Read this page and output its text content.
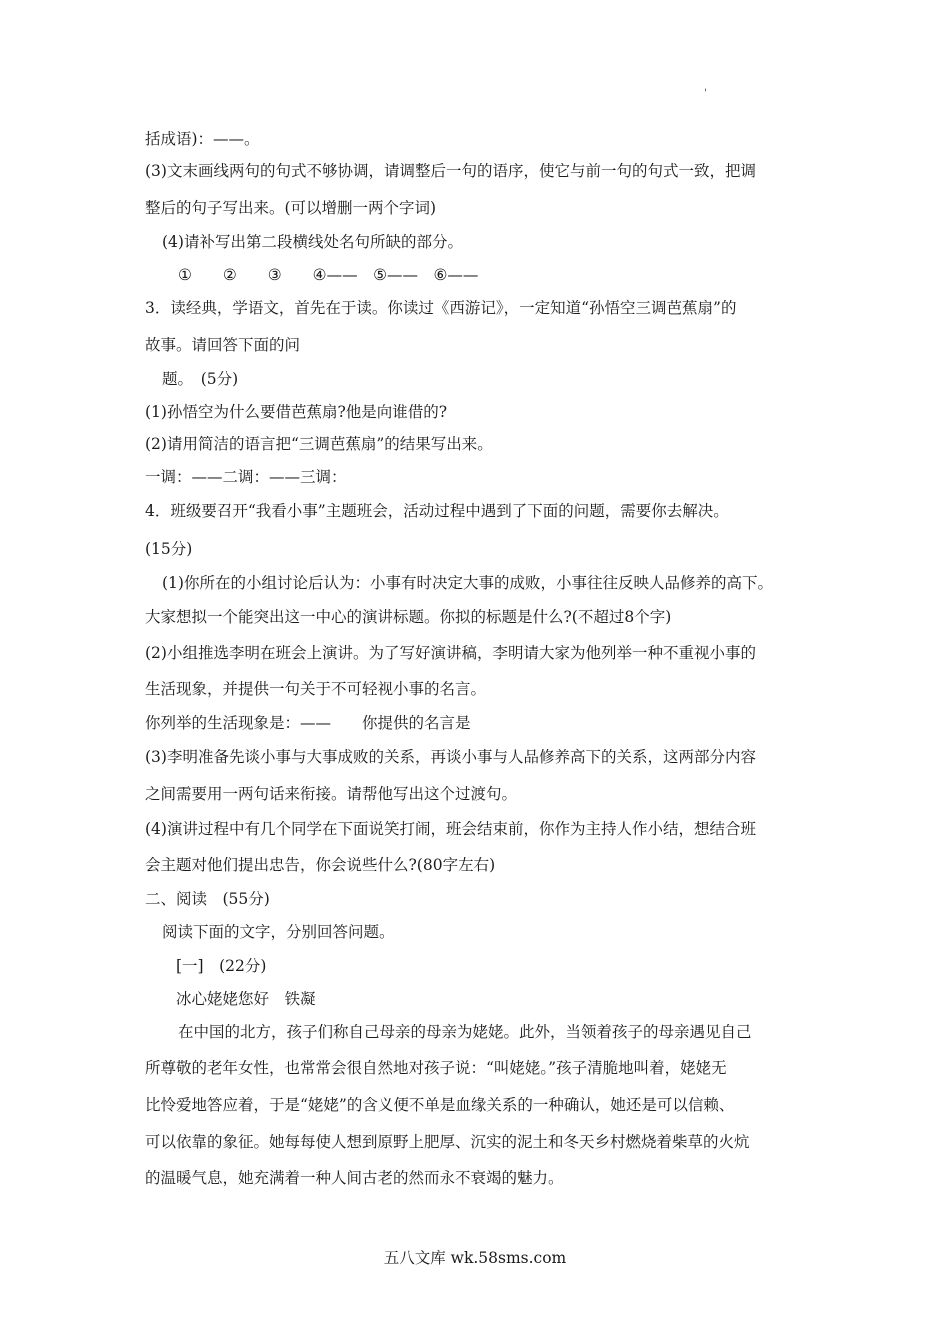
'
括成语)：——。
(3)文末画线两句的句式不够协调，请调整后一句的语序，使它与前一句的句式一致，把调
整后的句子写出来。(可以增删一两个字词)
(4)请补写出第二段横线处名句所缺的部分。
①　　②　　③　　④——　⑤——　⑥——
3．读经典，学语文，首先在于读。你读过《西游记》，一定知道“孙悟空三调芭蕉扇”的
故事。请回答下面的问
题。　(5分)
(1)孙悟空为什么要借芭蕉扇?他是向谁借的?
(2)请用简洁的语言把“三调芭蕉扇”的结果写出来。
一调：——二调：——三调：
4．班级要召开“我看小事”主题班会，活动过程中遇到了下面的问题，需要你去解决。
(15分)
(1)你所在的小组讨论后认为：小事有时决定大事的成败，小事往往反映人品修养的高下。
大家想拟一个能突出这一中心的演讲标题。你拟的标题是什么?(不超过8个字)
(2)小组推选李明在班会上演讲。为了写好演讲稿，李明请大家为他列举一种不重视小事的
生活现象，并提供一句关于不可轻视小事的名言。
你列举的生活现象是：——　　你提供的名言是
(3)李明准备先谈小事与大事成败的关系，再谈小事与人品修养高下的关系，这两部分内容
之间需要用一两句话来衔接。请帮他写出这个过渡句。
(4)演讲过程中有几个同学在下面说笑打闹，班会结束前，你作为主持人作小结，想结合班
会主题对他们提出忠告，你会说些什么?(80字左右)
二、阅读　(55分)
阅读下面的文字，分别回答问题。
[一]　(22分)
冰心姥姥您好　铁凝
在中国的北方，孩子们称自己母亲的母亲为姥姥。此外，当领着孩子的母亲遇见自己
所尊敬的老年女性，也常常会很自然地对孩子说：“叫姥姥。”孩子清脆地叫着，姥姥无
比怜爱地答应着，于是“姥姥”的含义便不单是血缘关系的一种确认，她还是可以信赖、
可以依靠的象征。她每每使人想到原野上肥厚、沉实的泥土和冬天乡村燃烧着柴草的火炕
的温暖气息，她充满着一种人间古老的然而永不衰竭的魅力。
五八文库 wk.58sms.com
